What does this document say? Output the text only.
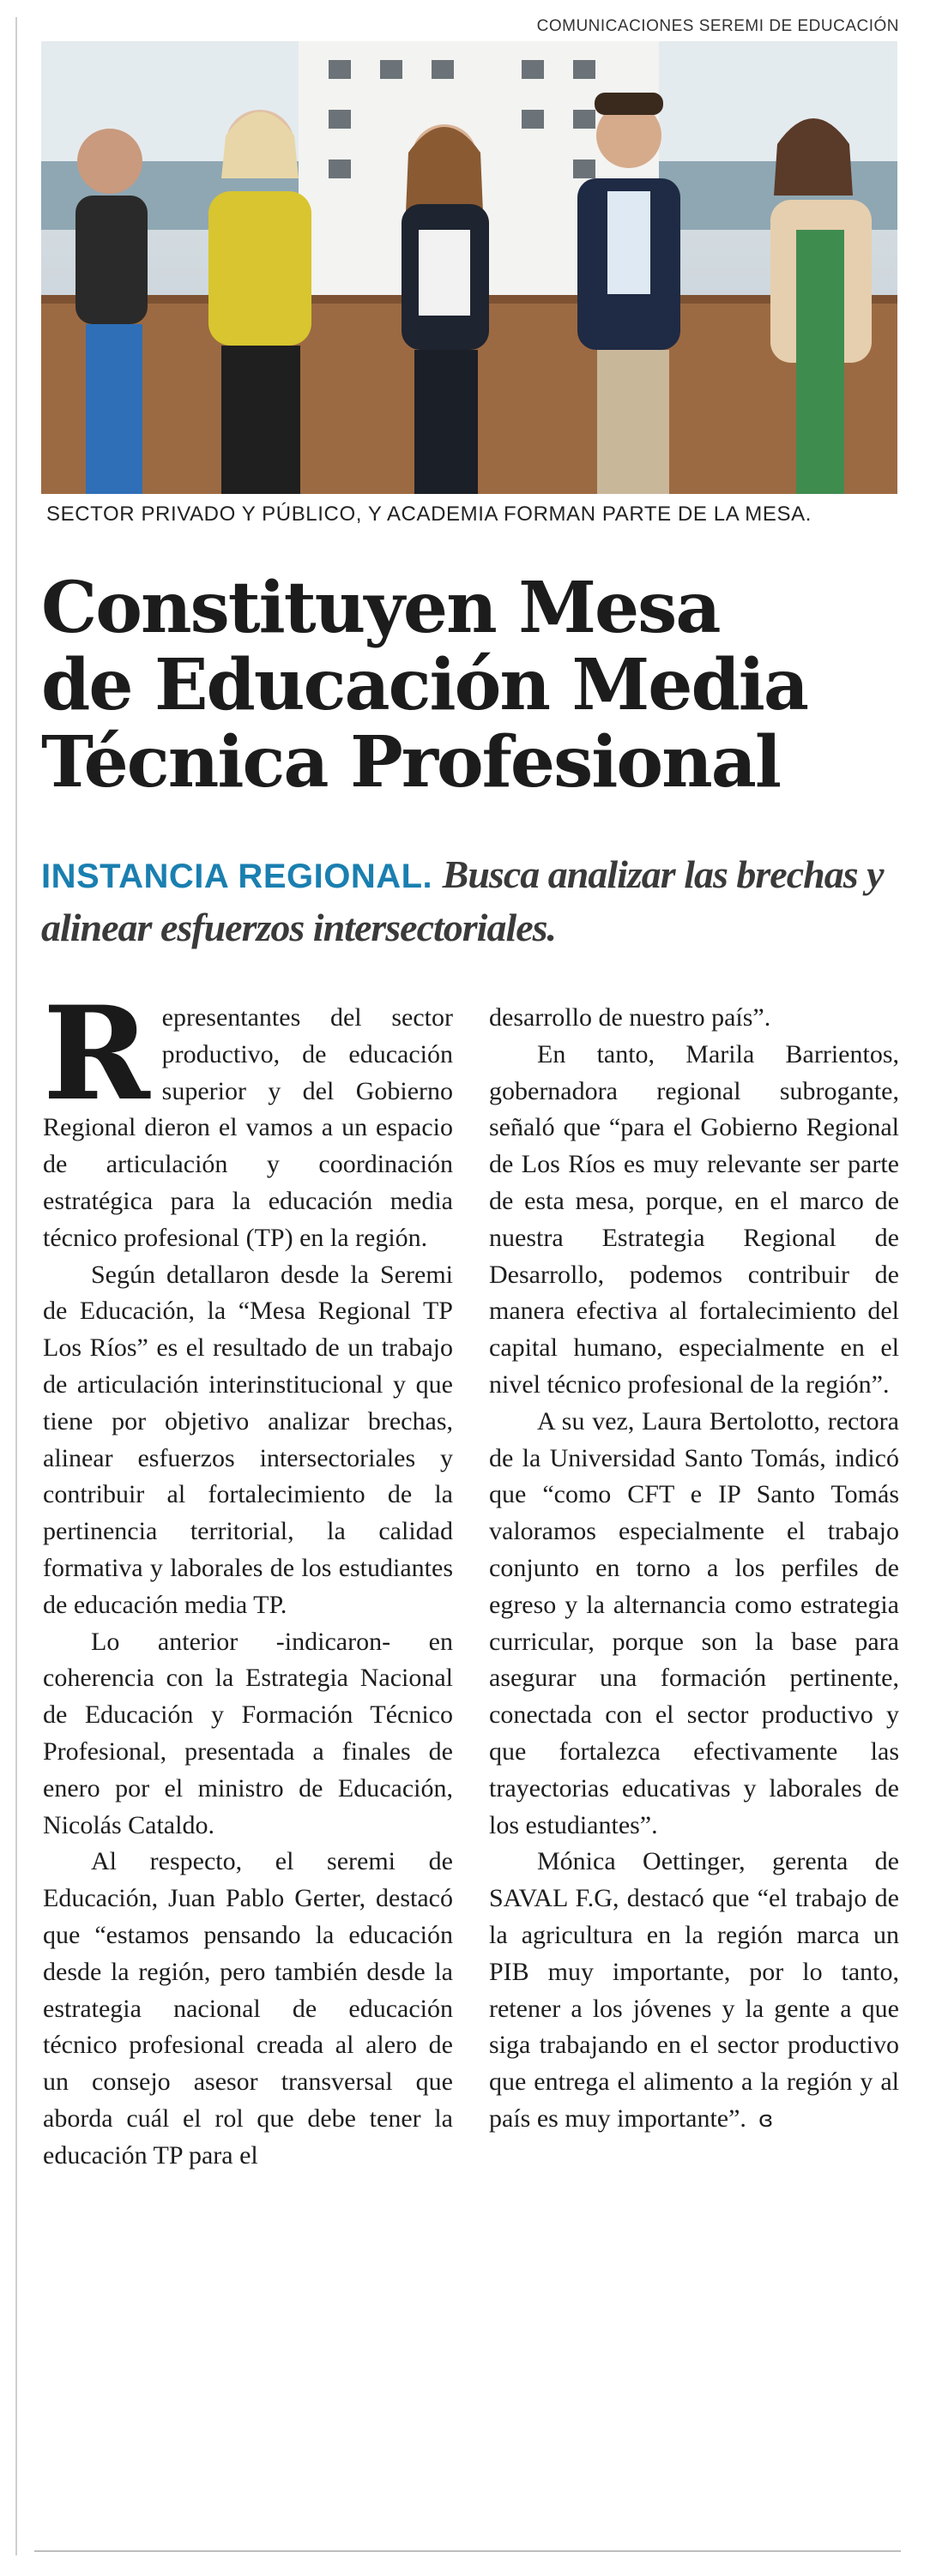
COMUNICACIONES SEREMI DE EDUCACIÓN
SECTOR PRIVADO Y PÚBLICO, Y ACADEMIA FORMAN PARTE DE LA MESA.
Constituyen Mesa
de Educación Media
Técnica Profesional
INSTANCIA REGIONAL. Busca analizar las brechas y alinear esfuerzos intersectoriales.

Representantes del sector productivo, de educación superior y del Gobierno Regional dieron el vamos a un espacio de articulación y coordinación estratégica para la educación media técnico profesional (TP) en la región.

Según detallaron desde la Seremi de Educación, la “Mesa Regional TP Los Ríos” es el resultado de un trabajo de articulación interinstitucional y que tiene por objetivo analizar brechas, alinear esfuerzos intersectoriales y contribuir al fortalecimiento de la pertinencia territorial, la calidad formativa y laborales de los estudiantes de educación media TP.

Lo anterior -indicaron- en coherencia con la Estrategia Nacional de Educación y Formación Técnico Profesional, presentada a finales de enero por el ministro de Educación, Nicolás Cataldo.

Al respecto, el seremi de Educación, Juan Pablo Gerter, destacó que “estamos pensando la educación desde la región, pero también desde la estrategia nacional de educación técnico profesional creada al alero de un consejo asesor transversal que aborda cuál el rol que debe tener la educación TP para el

desarrollo de nuestro país”.

En tanto, Marila Barrientos, gobernadora regional subrogante, señaló que “para el Gobierno Regional de Los Ríos es muy relevante ser parte de esta mesa, porque, en el marco de nuestra Estrategia Regional de Desarrollo, podemos contribuir de manera efectiva al fortalecimiento del capital humano, especialmente en el nivel técnico profesional de la región”.

A su vez, Laura Bertolotto, rectora de la Universidad Santo Tomás, indicó que “como CFT e IP Santo Tomás valoramos especialmente el trabajo conjunto en torno a los perfiles de egreso y la alternancia como estrategia curricular, porque son la base para asegurar una formación pertinente, conectada con el sector productivo y que fortalezca efectivamente las trayectorias educativas y laborales de los estudiantes”.

Mónica Oettinger, gerenta de SAVAL F.G, destacó que “el trabajo de la agricultura en la región marca un PIB muy importante, por lo tanto, retener a los jóvenes y la gente a que siga trabajando en el sector productivo que entrega el alimento a la región y al país es muy importante”. ɞ
